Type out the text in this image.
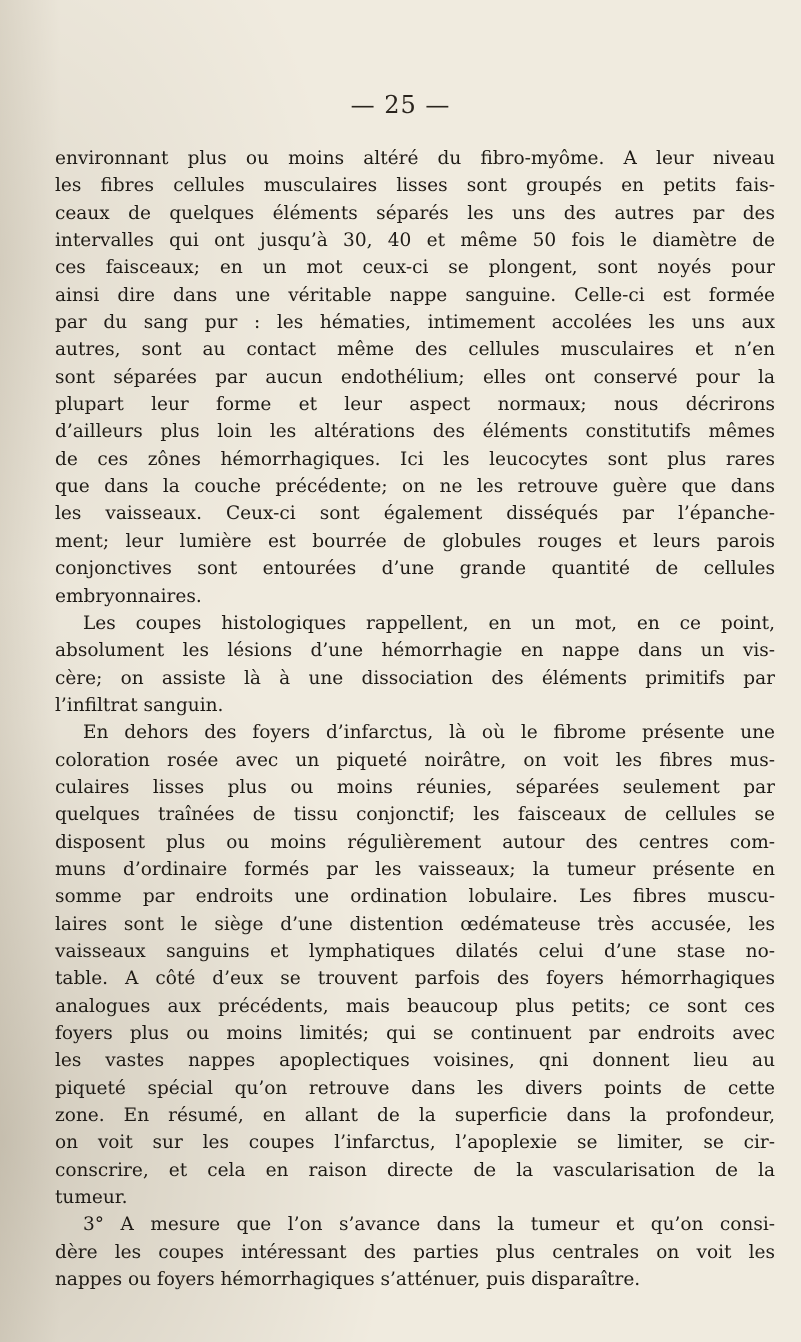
— 25 —
environnant plus ou moins altéré du fibro-myôme. A leur niveau
les fibres cellules musculaires lisses sont groupés en petits fais-
ceaux de quelques éléments séparés les uns des autres par des
intervalles qui ont jusqu’à 30, 40 et même 50 fois le diamètre de
ces faisceaux; en un mot ceux-ci se plongent, sont noyés pour
ainsi dire dans une véritable nappe sanguine. Celle-ci est formée
par du sang pur : les hématies, intimement accolées les uns aux
autres, sont au contact même des cellules musculaires et n’en
sont séparées par aucun endothélium; elles ont conservé pour la
plupart leur forme et leur aspect normaux; nous décrirons
d’ailleurs plus loin les altérations des éléments constitutifs mêmes
de ces zônes hémorrhagiques. Ici les leucocytes sont plus rares
que dans la couche précédente; on ne les retrouve guère que dans
les vaisseaux. Ceux-ci sont également disséqués par l’épanche-
ment; leur lumière est bourrée de globules rouges et leurs parois
conjonctives sont entourées d’une grande quantité de cellules
embryonnaires.
Les coupes histologiques rappellent, en un mot, en ce point,
absolument les lésions d’une hémorrhagie en nappe dans un vis-
cère; on assiste là à une dissociation des éléments primitifs par
l’infiltrat sanguin.
En dehors des foyers d’infarctus, là où le fibrome présente une
coloration rosée avec un piqueté noirâtre, on voit les fibres mus-
culaires lisses plus ou moins réunies, séparées seulement par
quelques traînées de tissu conjonctif; les faisceaux de cellules se
disposent plus ou moins régulièrement autour des centres com-
muns d’ordinaire formés par les vaisseaux; la tumeur présente en
somme par endroits une ordination lobulaire. Les fibres muscu-
laires sont le siège d’une distention œdémateuse très accusée, les
vaisseaux sanguins et lymphatiques dilatés celui d’une stase no-
table. A côté d’eux se trouvent parfois des foyers hémorrhagiques
analogues aux précédents, mais beaucoup plus petits; ce sont ces
foyers plus ou moins limités; qui se continuent par endroits avec
les vastes nappes apoplectiques voisines, qni donnent lieu au
piqueté spécial qu’on retrouve dans les divers points de cette
zone. En résumé, en allant de la superficie dans la profondeur,
on voit sur les coupes l’infarctus, l’apoplexie se limiter, se cir-
conscrire, et cela en raison directe de la vascularisation de la
tumeur.
3° A mesure que l’on s’avance dans la tumeur et qu’on consi-
dère les coupes intéressant des parties plus centrales on voit les
nappes ou foyers hémorrhagiques s’atténuer, puis disparaître.
